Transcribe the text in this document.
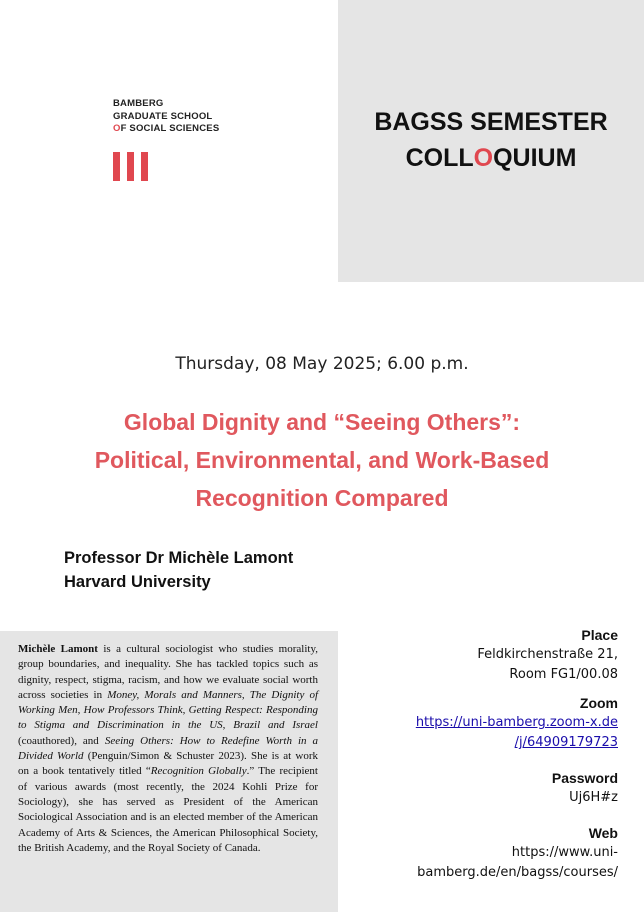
BAMBERG
GRADUATE SCHOOL
OF SOCIAL SCIENCES	BAGSS SEMESTER
COLLOQUIUM
Thursday, 08 May 2025; 6.00 p.m.
Global Dignity and “Seeing Others”:
Political, Environmental, and Work-Based
Recognition Compared
Professor Dr Michèle Lamont
Harvard University
Michèle Lamont is a cultural sociologist who studies morality, group boundaries, and inequality. She has tackled topics such as dignity, respect, stigma, racism, and how we evaluate social worth across societies in Money, Morals and Manners, The Dignity of Working Men, How Professors Think, Getting Respect: Responding to Stigma and Discrimination in the US, Brazil and Israel (coauthored), and Seeing Others: How to Redefine Worth in a Divided World (Penguin/Simon & Schuster 2023). She is at work on a book tentatively titled “Recognition Globally.” The recipient of various awards (most recently, the 2024 Kohli Prize for Sociology), she has served as President of the American Sociological Association and is an elected member of the American Academy of Arts & Sciences, the American Philosophical Society, the British Academy, and the Royal Society of Canada.
Place
Feldkirchenstraße 21,
Room FG1/00.08
Zoom
https://uni-bamberg.zoom-x.de
/j/64909179723
Password
Uj6H#z
Web
https://www.uni-
bamberg.de/en/bagss/courses/
